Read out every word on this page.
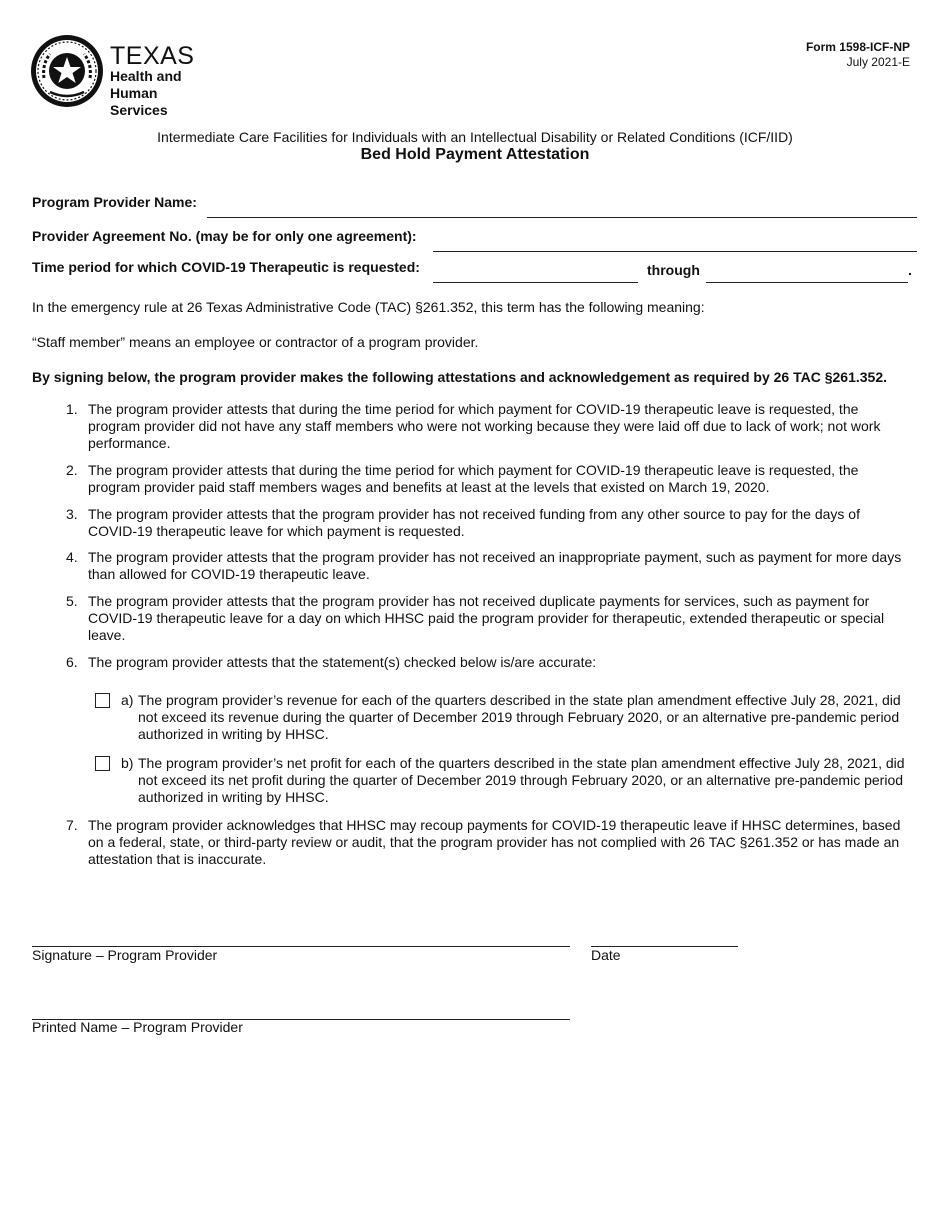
TEXAS
Health and Human
Services
Form 1598-ICF-NP
July 2021-E
Intermediate Care Facilities for Individuals with an Intellectual Disability or Related Conditions (ICF/IID)
Bed Hold Payment Attestation
Program Provider Name:
Provider Agreement No. (may be for only one agreement):
Time period for which COVID-19 Therapeutic is requested:	through	.
In the emergency rule at 26 Texas Administrative Code (TAC) §261.352, this term has the following meaning:
“Staff member” means an employee or contractor of a program provider.
By signing below, the program provider makes the following attestations and acknowledgement as required by 26 TAC §261.352.
1. The program provider attests that during the time period for which payment for COVID-19 therapeutic leave is requested, the program provider did not have any staff members who were not working because they were laid off due to lack of work; not work performance.
2. The program provider attests that during the time period for which payment for COVID-19 therapeutic leave is requested, the program provider paid staff members wages and benefits at least at the levels that existed on March 19, 2020.
3. The program provider attests that the program provider has not received funding from any other source to pay for the days of COVID-19 therapeutic leave for which payment is requested.
4. The program provider attests that the program provider has not received an inappropriate payment, such as payment for more days than allowed for COVID-19 therapeutic leave.
5. The program provider attests that the program provider has not received duplicate payments for services, such as payment for COVID-19 therapeutic leave for a day on which HHSC paid the program provider for therapeutic, extended therapeutic or special leave.
6. The program provider attests that the statement(s) checked below is/are accurate:
a) The program provider’s revenue for each of the quarters described in the state plan amendment effective July 28, 2021, did not exceed its revenue during the quarter of December 2019 through February 2020, or an alternative pre-pandemic period authorized in writing by HHSC.
b) The program provider’s net profit for each of the quarters described in the state plan amendment effective July 28, 2021, did not exceed its net profit during the quarter of December 2019 through February 2020, or an alternative pre-pandemic period authorized in writing by HHSC.
7. The program provider acknowledges that HHSC may recoup payments for COVID-19 therapeutic leave if HHSC determines, based on a federal, state, or third-party review or audit, that the program provider has not complied with 26 TAC §261.352 or has made an attestation that is inaccurate.
Signature – Program Provider	Date
Printed Name – Program Provider
